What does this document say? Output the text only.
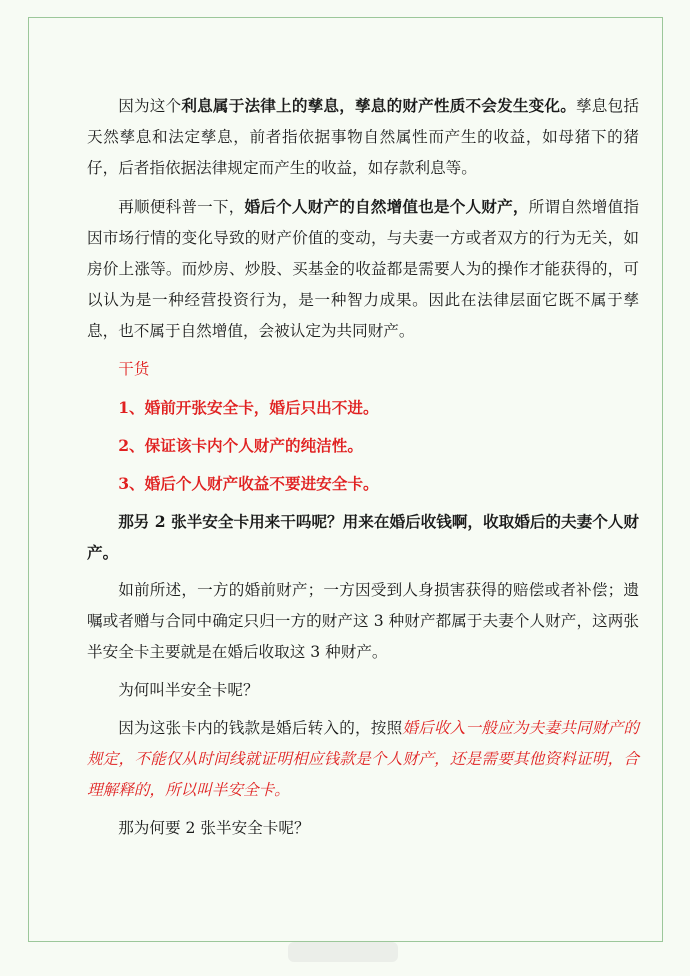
因为这个利息属于法律上的孳息，孳息的财产性质不会发生变化。孳息包括天然孳息和法定孳息，前者指依据事物自然属性而产生的收益，如母猪下的猪仔，后者指依据法律规定而产生的收益，如存款利息等。

再顺便科普一下，婚后个人财产的自然增值也是个人财产，所谓自然增值指因市场行情的变化导致的财产价值的变动，与夫妻一方或者双方的行为无关，如房价上涨等。而炒房、炒股、买基金的收益都是需要人为的操作才能获得的，可以认为是一种经营投资行为，是一种智力成果。因此在法律层面它既不属于孳息，也不属于自然增值，会被认定为共同财产。

干货

1、婚前开张安全卡，婚后只出不进。

2、保证该卡内个人财产的纯洁性。

3、婚后个人财产收益不要进安全卡。

那另 2 张半安全卡用来干吗呢？用来在婚后收钱啊，收取婚后的夫妻个人财产。

如前所述，一方的婚前财产；一方因受到人身损害获得的赔偿或者补偿；遗嘱或者赠与合同中确定只归一方的财产这 3 种财产都属于夫妻个人财产，这两张半安全卡主要就是在婚后收取这 3 种财产。

为何叫半安全卡呢？

因为这张卡内的钱款是婚后转入的，按照婚后收入一般应为夫妻共同财产的规定，不能仅从时间线就证明相应钱款是个人财产，还是需要其他资料证明，合理解释的，所以叫半安全卡。

那为何要 2 张半安全卡呢？
